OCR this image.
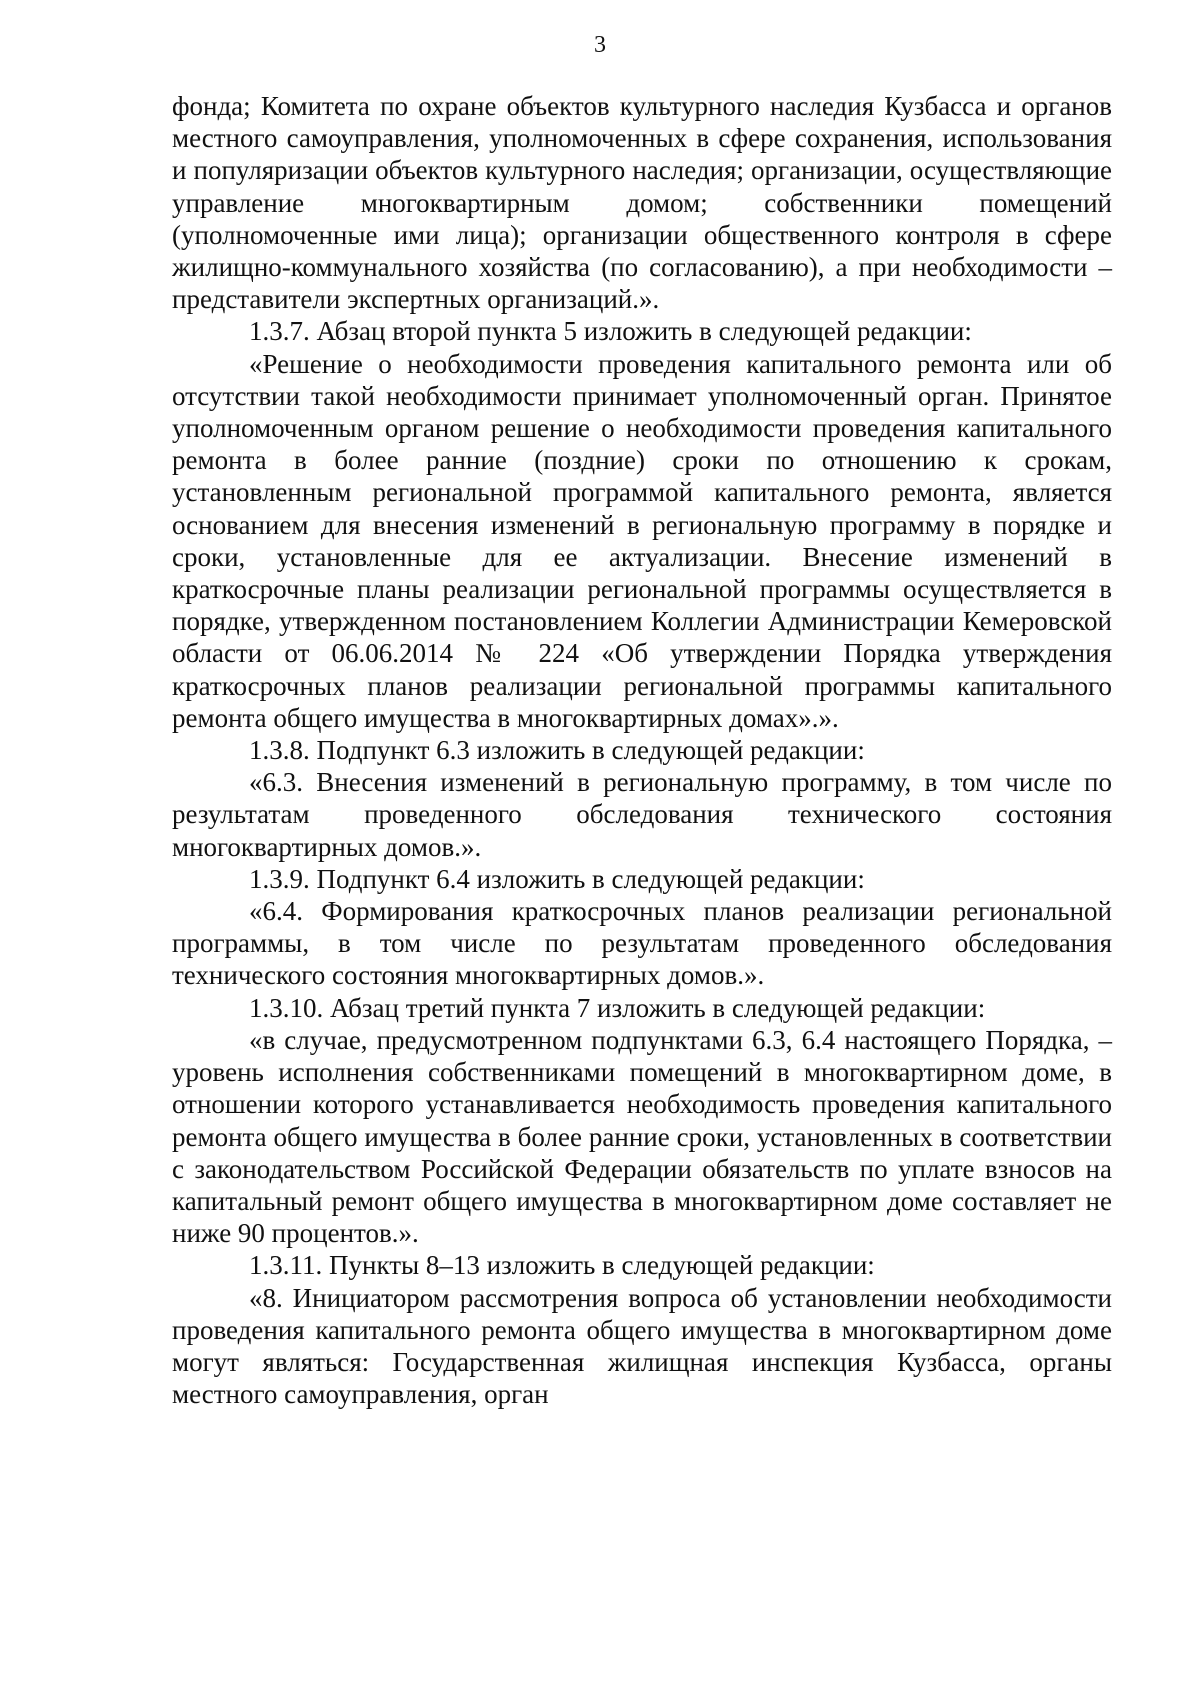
3

фонда; Комитета по охране объектов культурного наследия Кузбасса и органов местного самоуправления, уполномоченных в сфере сохранения, использования и популяризации объектов культурного наследия; организации, осуществляющие управление многоквартирным домом; собственники помещений (уполномоченные ими лица); организации общественного контроля в сфере жилищно-коммунального хозяйства (по согласованию), а при необходимости – представители экспертных организаций.».

1.3.7. Абзац второй пункта 5 изложить в следующей редакции:

«Решение о необходимости проведения капитального ремонта или об отсутствии такой необходимости принимает уполномоченный орган. Принятое уполномоченным органом решение о необходимости проведения капитального ремонта в более ранние (поздние) сроки по отношению к срокам, установленным региональной программой капитального ремонта, является основанием для внесения изменений в региональную программу в порядке и сроки, установленные для ее актуализации. Внесение изменений в краткосрочные планы реализации региональной программы осуществляется в порядке, утвержденном постановлением Коллегии Администрации Кемеровской области от 06.06.2014 № 224 «Об утверждении Порядка утверждения краткосрочных планов реализации региональной программы капитального ремонта общего имущества в многоквартирных домах».».

1.3.8. Подпункт 6.3 изложить в следующей редакции:

«6.3. Внесения изменений в региональную программу, в том числе по результатам проведенного обследования технического состояния многоквартирных домов.».

1.3.9. Подпункт 6.4 изложить в следующей редакции:

«6.4. Формирования краткосрочных планов реализации региональной программы, в том числе по результатам проведенного обследования технического состояния многоквартирных домов.».

1.3.10. Абзац третий пункта 7 изложить в следующей редакции:

«в случае, предусмотренном подпунктами 6.3, 6.4 настоящего Порядка, – уровень исполнения собственниками помещений в многоквартирном доме, в отношении которого устанавливается необходимость проведения капитального ремонта общего имущества в более ранние сроки, установленных в соответствии с законодательством Российской Федерации обязательств по уплате взносов на капитальный ремонт общего имущества в многоквартирном доме составляет не ниже 90 процентов.».

1.3.11. Пункты 8–13 изложить в следующей редакции:

«8. Инициатором рассмотрения вопроса об установлении необходимости проведения капитального ремонта общего имущества в многоквартирном доме могут являться: Государственная жилищная инспекция Кузбасса, органы местного самоуправления, орган
